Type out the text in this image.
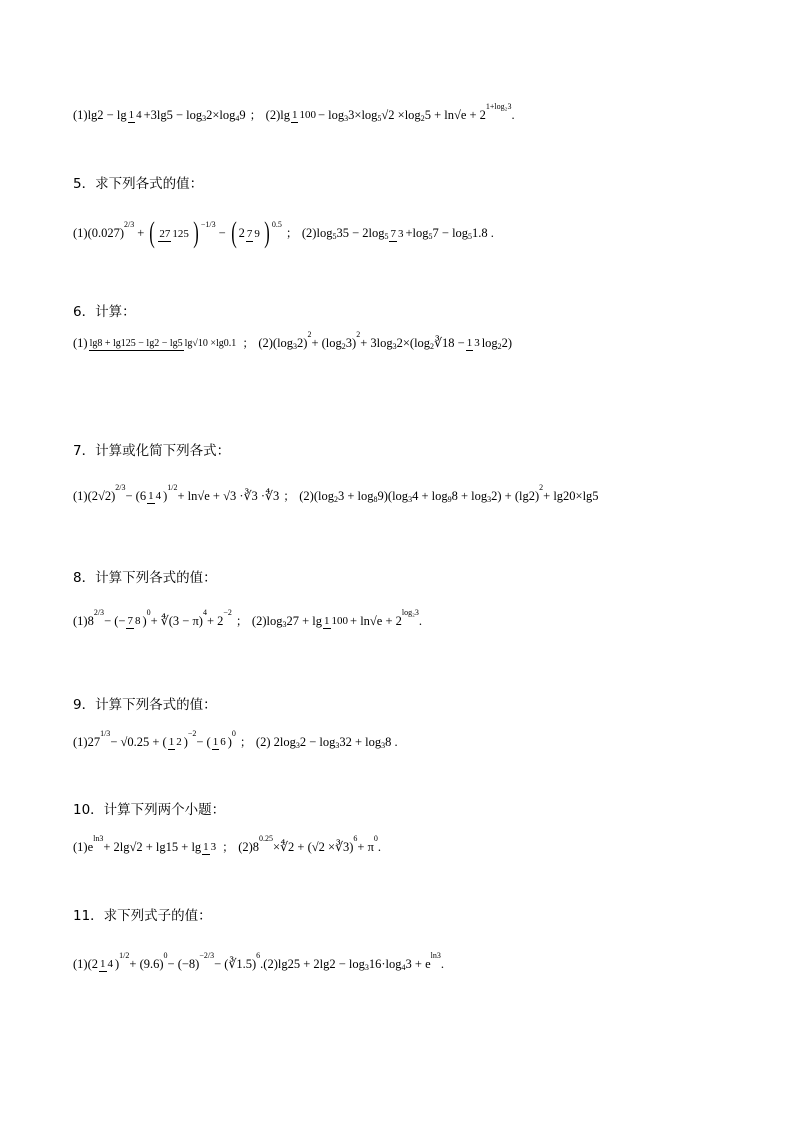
(1)lg2 − lg 1 4 +3lg5 − log 3 2×log 4 9 ； (2)lg 1 100 − log 3 3×log 5 √2 ×log 2 5 + ln√e + 2
1+log₂3
.
5．求下列各式的值：
(1) (0.027)
2/3
+ ( 27 125 ) −1/3
− ( 2 7 9 ) 0.5
； (2)log 5 35 − 2log 5 7 3 +log 5 7 − log 5 1.8 .
6．计算：
(1) lg8 + lg125 − lg2 − lg5 lg√10 ×lg0.1 ； (2)(log 3 2)
2
+ (log 2 3)
2
+ 3log 3 2×(log 2 ∛18 − 1 3 log 2 2)
7．计算或化简下列各式：
(1)(2√2)
2/3
− (6 1 4 )
1/2
+ ln√e + √3 ·∛3 ·∜3 ； (2)(log 2 3 + log 8 9)(log 3 4 + log 9 8 + log 3 2) + (lg2)
2
+ lg20×lg5
8．计算下列各式的值：
(1)8
2/3
− (− 7 8 )
0
+ ∜(3 − π)
4
+ 2
−2
； (2)log 3 27 + lg 1 100 + ln√e + 2
log₂3
.
9．计算下列各式的值：
(1)27
1/3
− √0.25 + ( 1 2 )
−2
− ( 1 6 )
0
； (2) 2log 3 2 − log 3 32 + log 3 8 .
10．计算下列两个小题：
(1)e
ln3
+ 2lg√2 + lg15 + lg 1 3 ； (2)8
0.25
×∜2 + (√2 ×∛3)
6
+ π
0
.
11．求下列式子的值：
(1)(2 1 4 )
1/2
+ (9.6)
0
− (−8)
−2/3
− (∛1.5)
6
. (2)lg25 + 2lg2 − log 3 16·log 4 3 + e
ln3
.
